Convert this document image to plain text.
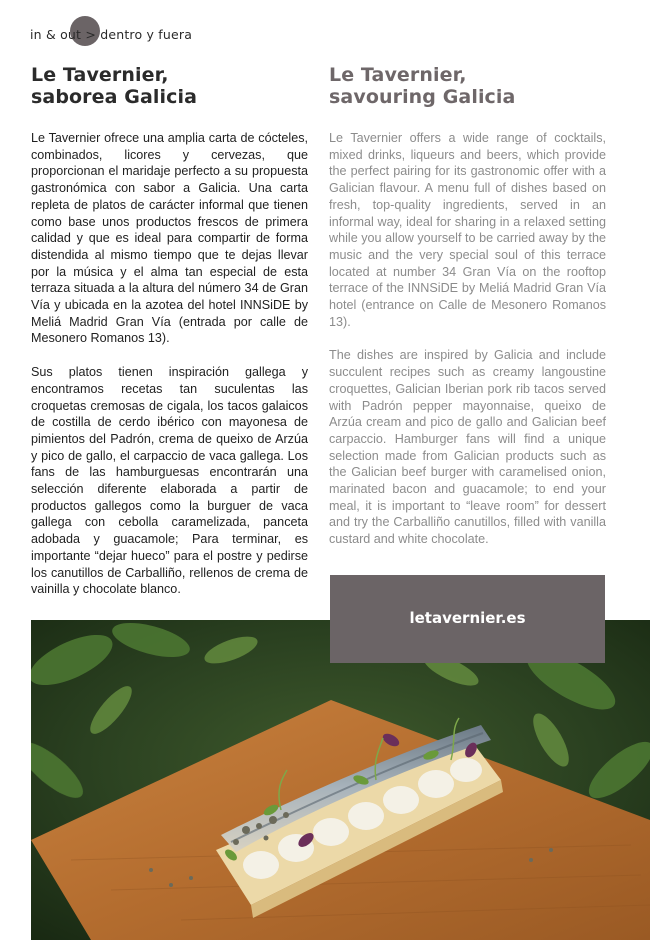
in & out > dentro y fuera
Le Tavernier,
saborea Galicia

Le Tavernier ofrece una amplia carta de cócteles, combinados, licores y cervezas, que proporcionan el maridaje perfecto a su propuesta gastronómica con sabor a Galicia. Una carta repleta de platos de carácter informal que tienen como base unos productos frescos de primera calidad y que es ideal para compartir de forma distendida al mismo tiempo que te dejas llevar por la música y el alma tan especial de esta terraza situada a la altura del número 34 de Gran Vía y ubicada en la azotea del hotel INNSiDE by Meliá Madrid Gran Vía (entrada por calle de Mesonero Romanos 13).

Sus platos tienen inspiración gallega y encontramos recetas tan suculentas las croquetas cremosas de cigala, los tacos galaicos de costilla de cerdo ibérico con mayonesa de pimientos del Padrón, crema de queixo de Arzúa y pico de gallo, el carpaccio de vaca gallega. Los fans de las hamburguesas encontrarán una selección diferente elaborada a partir de productos gallegos como la burguer de vaca gallega con cebolla caramelizada, panceta adobada y guacamole; Para terminar, es importante “dejar hueco” para el postre y pedirse los canutillos de Carballiño, rellenos de crema de vainilla y chocolate blanco.

Le Tavernier,
savouring Galicia

Le Tavernier offers a wide range of cocktails, mixed drinks, liqueurs and beers, which provide the perfect pairing for its gastronomic offer with a Galician flavour. A menu full of dishes based on fresh, top-quality ingredients, served in an informal way, ideal for sharing in a relaxed setting while you allow yourself to be carried away by the music and the very special soul of this terrace located at number 34 Gran Vía on the rooftop terrace of the INNSiDE by Meliá Madrid Gran Vía hotel (entrance on Calle de Mesonero Romanos 13).

The dishes are inspired by Galicia and include succulent recipes such as creamy langoustine croquettes, Galician Iberian pork rib tacos served with Padrón pepper mayonnaise, queixo de Arzúa cream and pico de gallo and Galician beef carpaccio. Hamburger fans will find a unique selection made from Galician products such as the Galician beef burger with caramelised onion, marinated bacon and guacamole; to end your meal, it is important to “leave room” for dessert and try the Carballiño canutillos, filled with vanilla custard and white chocolate.

letavernier.es
